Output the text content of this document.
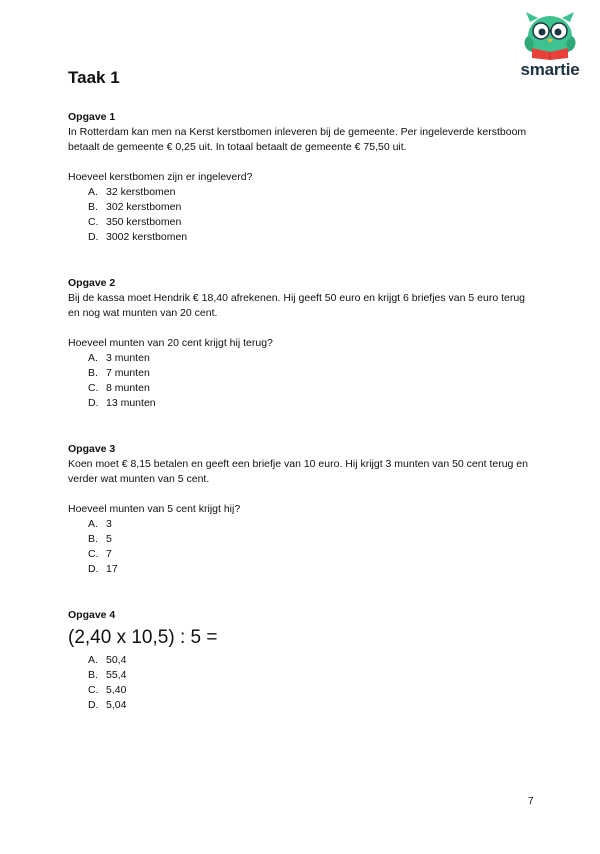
Taak 1	smartie

Opgave 1

In Rotterdam kan men na Kerst kerstbomen inleveren bij de gemeente. Per ingeleverde kerstboom

betaalt de gemeente € 0,25 uit. In totaal betaalt de gemeente € 75,50 uit.

Hoeveel kerstbomen zijn er ingeleverd?

A. 32 kerstbomen
B. 302 kerstbomen
C. 350 kerstbomen
D. 3002 kerstbomen

Opgave 2

Bij de kassa moet Hendrik € 18,40 afrekenen. Hij geeft 50 euro en krijgt 6 briefjes van 5 euro terug

en nog wat munten van 20 cent.

Hoeveel munten van 20 cent krijgt hij terug?

A. 3 munten
B. 7 munten
C. 8 munten
D. 13 munten

Opgave 3

Koen moet € 8,15 betalen en geeft een briefje van 10 euro. Hij krijgt 3 munten van 50 cent terug en

verder wat munten van 5 cent.

Hoeveel munten van 5 cent krijgt hij?

A. 3
B. 5
C. 7
D. 17

Opgave 4

(2,40 x 10,5) : 5 =

A. 50,4
B. 55,4
C. 5,40
D. 5,04
7
